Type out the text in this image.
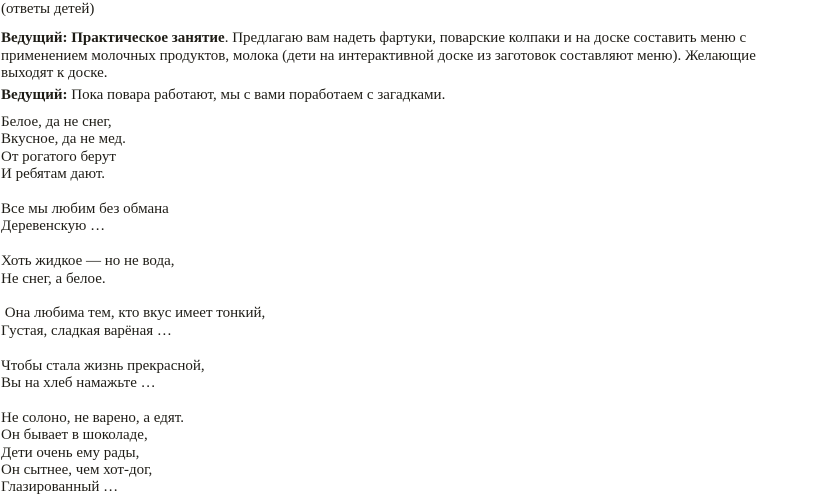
(ответы детей)
Ведущий: Практическое занятие. Предлагаю вам надеть фартуки, поварские колпаки и на доске составить меню с применением молочных продуктов, молока (дети на интерактивной доске из заготовок составляют меню). Желающие выходят к доске.
Ведущий: Пока повара работают, мы с вами поработаем с загадками.
Белое, да не снег,
Вкусное, да не мед.
От рогатого берут
И ребятам дают.
Все мы любим без обмана
Деревенскую …
Хоть жидкое — но не вода,
Не снег, а белое.
Она любима тем, кто вкус имеет тонкий,
Густая, сладкая варёная …
Чтобы стала жизнь прекрасной,
Вы на хлеб намажьте …
Не солоно, не варено, а едят.
Он бывает в шоколаде,
Дети очень ему рады,
Он сытнее, чем хот-дог,
Глазированный …
